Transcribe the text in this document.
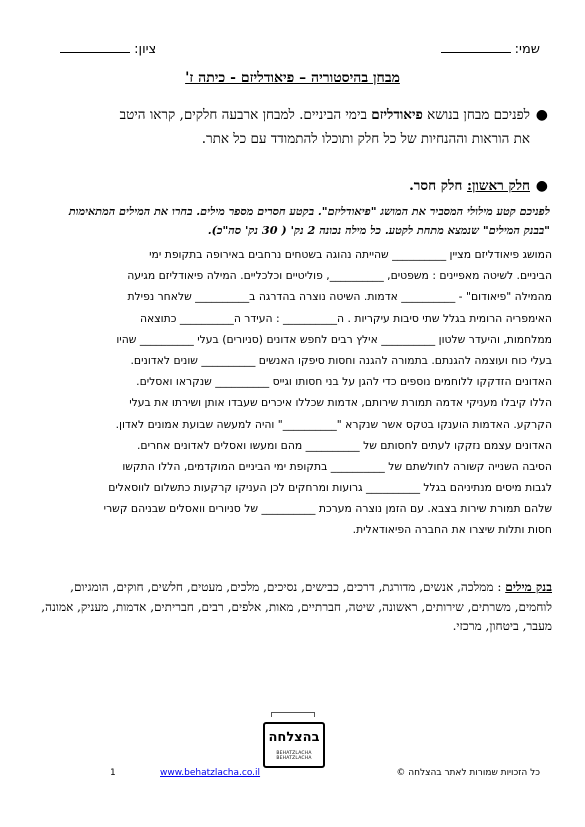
שמי:
ציון:
מבחן בהיסטוריה – פיאודליזם - כיתה ז'
●
לפניכם מבחן בנושא פיאודליזם בימי הביניים. למבחן ארבעה חלקים, קראו היטב את הוראות וההנחיות של כל חלק ותוכלו להתמודד עם כל אתר.
●
חלק ראשון: חלק חסר.
לפניכם קטע מילולי המסביר את המושג "פיאודליזם". בקטע חסרים מספר מילים. בחרו את המילים המתאימות "בבנק המילים" שנמצא מתחת לקטע. כל מילה נכונה 2 נק' ( 30 נק' סה"כ).
המושג פיאודליזם מציין __________ שהייתה נהוגה בשטחים נרחבים באירופה בתקופת ימי
הביניים. לשיטה מאפיינים : משפטים, __________, פוליטיים וכלכליים. המילה פיאודליזם מגיעה
מהמילה "פיאודום" - __________ אדמות. השיטה נוצרה בהדרגה ב__________ שלאחר נפילת
האימפריה הרומית בגלל שתי סיבות עיקריות . ה__________ : העידר ה__________ כתוצאה
ממלחמות, והיעדר שלטון __________ אילץ רבים לחפש אדונים (סניורים) בעלי __________ שהיו
בעלי כוח ועוצמה להגנתם. בתמורה להגנה וחסות סיפקו האנשים __________ שונים לאדונים.
האדונים הזדקקו ללוחמים נוספים כדי להגן על בני חסותו וגייס __________ שנקראו ואסלים.
הללו קיבלו מעניקי אדמה תמורת שירותם, אדמות שכללו איכרים שעבדו אותן ושירתו את בעלי
הקרקע. האדמות הוענקו בטקס אשר שנקרא "__________" והיה למעשה שבועת אמונים לאדון.
האדונים עצמם נזקקו לעתים לחסותם של __________ מהם ומעשו ואסלים לאדונים אחרים.
הסיבה השנייה קשורה לחולשתם של __________ בתקופת ימי הביניים המוקדמים, הללו התקשו
לגבות מיסים מנתיניהם בגלל __________ גרועות ומרחקים לכן העניקו קרקעות כתשלום לווסאלים
שלהם תמורת שירות בצבא. עם הזמן נוצרה מערכת __________ של סניורים וואסלים שבניהם קשרי
חסות ותלות שיצרו את החברה הפיאודאלית.
בנק מילים : ממלכה, אנשים, מדורגת, דרכים, כבישים, נסיכים, מלכים, מעטים, חלשים, חוקים, הומגיום, לוחמים, משרתים, שירותים, ראשונה, שיטה, חברתיים, מאות, אלפים, רבים, חבריתים, אדמות, מעניק, אמונה, מעבר, ביטחון, מרכזי.
בהצלחה
BEHATZLACHA BEHATZLACHA
כל הזכויות שמורות לאתר בהצלחה ©
www.behatzlacha.co.il
1
